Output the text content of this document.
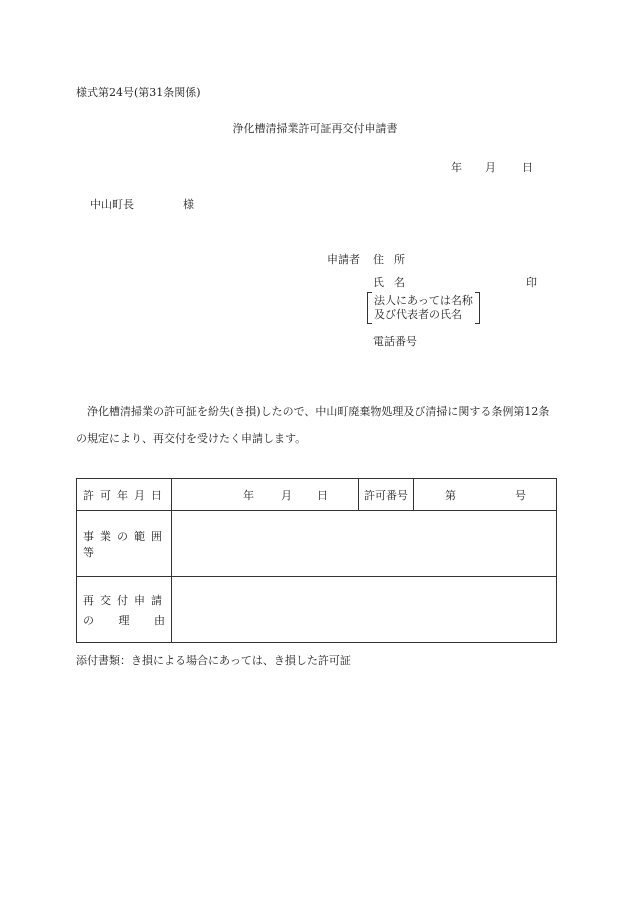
様式第24号(第31条関係)
浄化槽清掃業許可証再交付申請書
年 月 日
中山町長	様
申請者 住所
氏名	印
法人にあっては名称
及び代表者の氏名
電話番号
浄化槽清掃業の許可証を紛失(き損)したので、中山町廃棄物処理及び清掃に関する条例第12条の規定により、再交付を受けたく申請します。
許可年月日	年 月 日	許可番号	第 号
事業の範囲等			

再交付申請
の 理 由			

添付書類：き損による場合にあっては、き損した許可証
